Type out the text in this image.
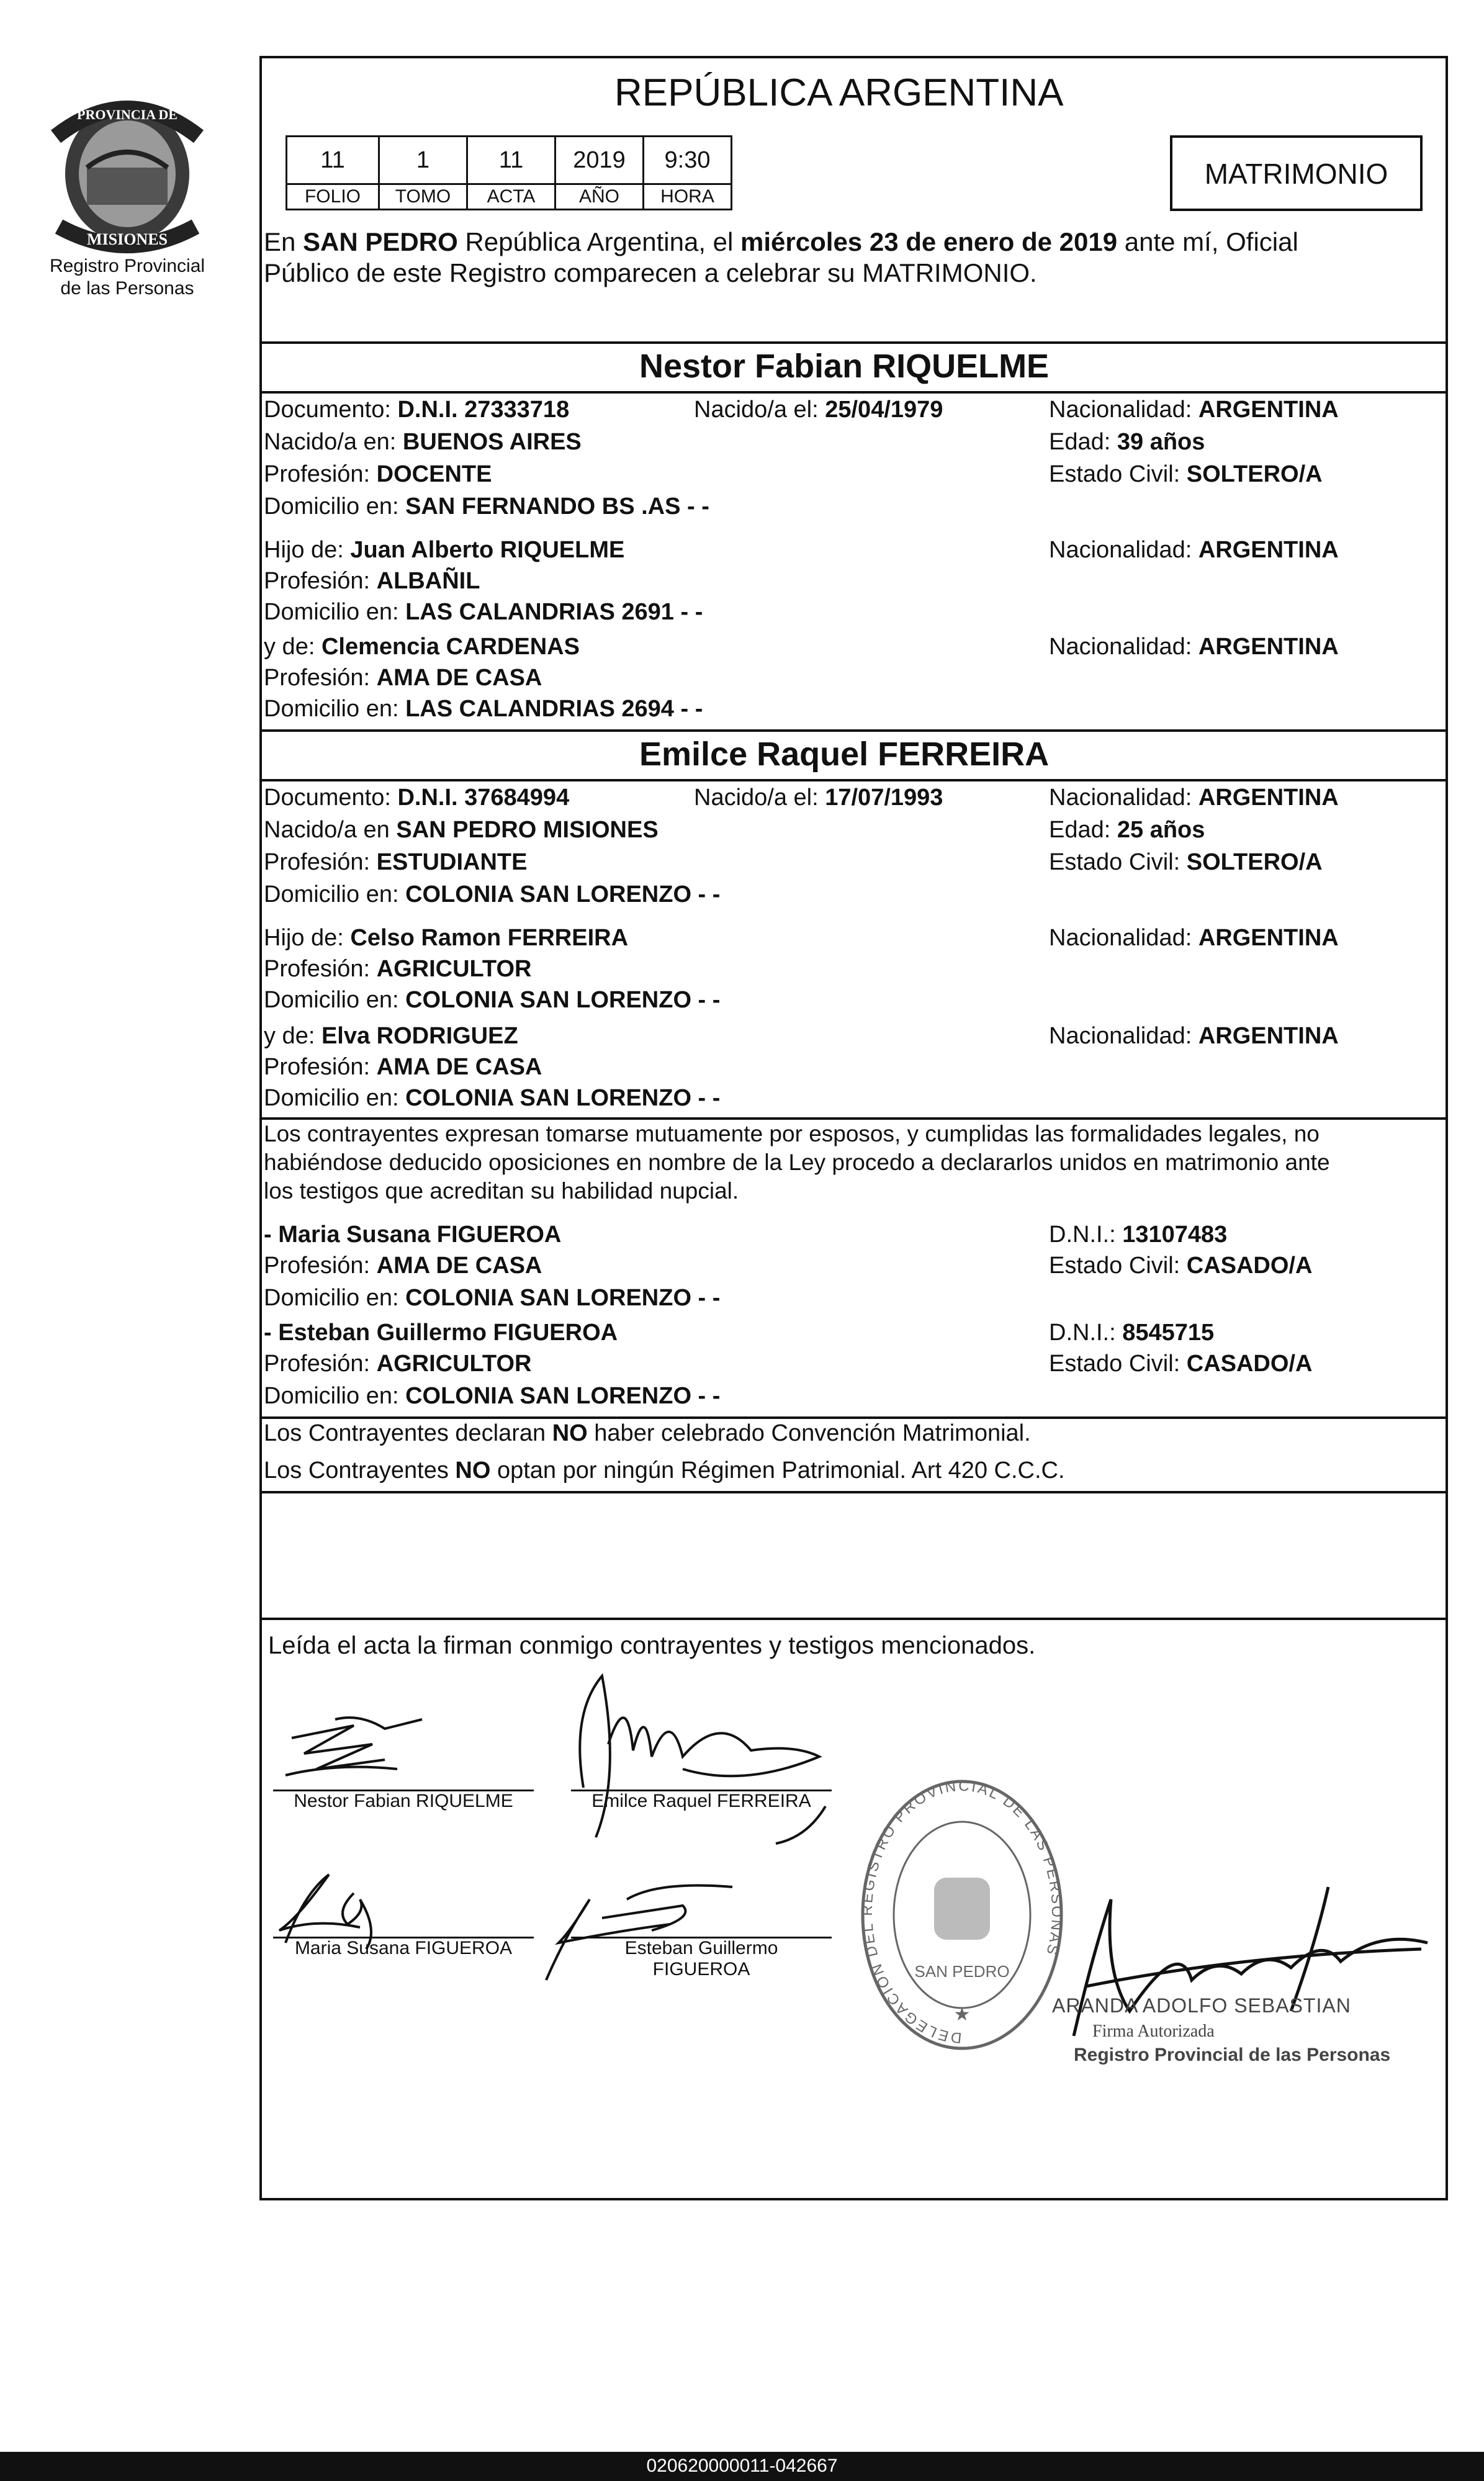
PROVINCIA DE
MISIONES
Registro Provincial
de las Personas
REPÚBLICA ARGENTINA
11	1	11	2019	9:30
FOLIO	TOMO	ACTA	AÑO	HORA
MATRIMONIO
En SAN PEDRO República Argentina, el miércoles 23 de enero de 2019 ante mí, Oficial
Público de este Registro comparecen a celebrar su MATRIMONIO.
Nestor Fabian RIQUELME
Documento: D.N.I. 27333718	Nacido/a el: 25/04/1979	Nacionalidad: ARGENTINA
Nacido/a en: BUENOS AIRES	Edad: 39 años
Profesión: DOCENTE	Estado Civil: SOLTERO/A
Domicilio en: SAN FERNANDO BS .AS - -
Hijo de: Juan Alberto RIQUELME	Nacionalidad: ARGENTINA
Profesión: ALBAÑIL
Domicilio en: LAS CALANDRIAS 2691 - -
y de: Clemencia CARDENAS	Nacionalidad: ARGENTINA
Profesión: AMA DE CASA
Domicilio en: LAS CALANDRIAS 2694 - -
Emilce Raquel FERREIRA
Documento: D.N.I. 37684994	Nacido/a el: 17/07/1993	Nacionalidad: ARGENTINA
Nacido/a en SAN PEDRO MISIONES	Edad: 25 años
Profesión: ESTUDIANTE	Estado Civil: SOLTERO/A
Domicilio en: COLONIA SAN LORENZO - -
Hijo de: Celso Ramon FERREIRA	Nacionalidad: ARGENTINA
Profesión: AGRICULTOR
Domicilio en: COLONIA SAN LORENZO - -
y de: Elva RODRIGUEZ	Nacionalidad: ARGENTINA
Profesión: AMA DE CASA
Domicilio en: COLONIA SAN LORENZO - -
Los contrayentes expresan tomarse mutuamente por esposos, y cumplidas las formalidades legales, no
habiéndose deducido oposiciones en nombre de la Ley procedo a declararlos unidos en matrimonio ante
los testigos que acreditan su habilidad nupcial.
- Maria Susana FIGUEROA	D.N.I.: 13107483
Profesión: AMA DE CASA	Estado Civil: CASADO/A
Domicilio en: COLONIA SAN LORENZO - -
- Esteban Guillermo FIGUEROA	D.N.I.: 8545715
Profesión: AGRICULTOR	Estado Civil: CASADO/A
Domicilio en: COLONIA SAN LORENZO - -
Los Contrayentes declaran NO haber celebrado Convención Matrimonial.
Los Contrayentes NO optan por ningún Régimen Patrimonial. Art 420 C.C.C.
Leída el acta la firman conmigo contrayentes y testigos mencionados.
Nestor Fabian RIQUELME	Emilce Raquel FERREIRA
Maria Susana FIGUEROA	Esteban Guillermo
FIGUEROA
DELEGACION DEL REGISTRO PROVINCIAL DE LAS PERSONAS
SAN PEDRO
★	ARANDA ADOLFO SEBASTIAN
Firma Autorizada
Registro Provincial de las Personas
020620000011-042667
